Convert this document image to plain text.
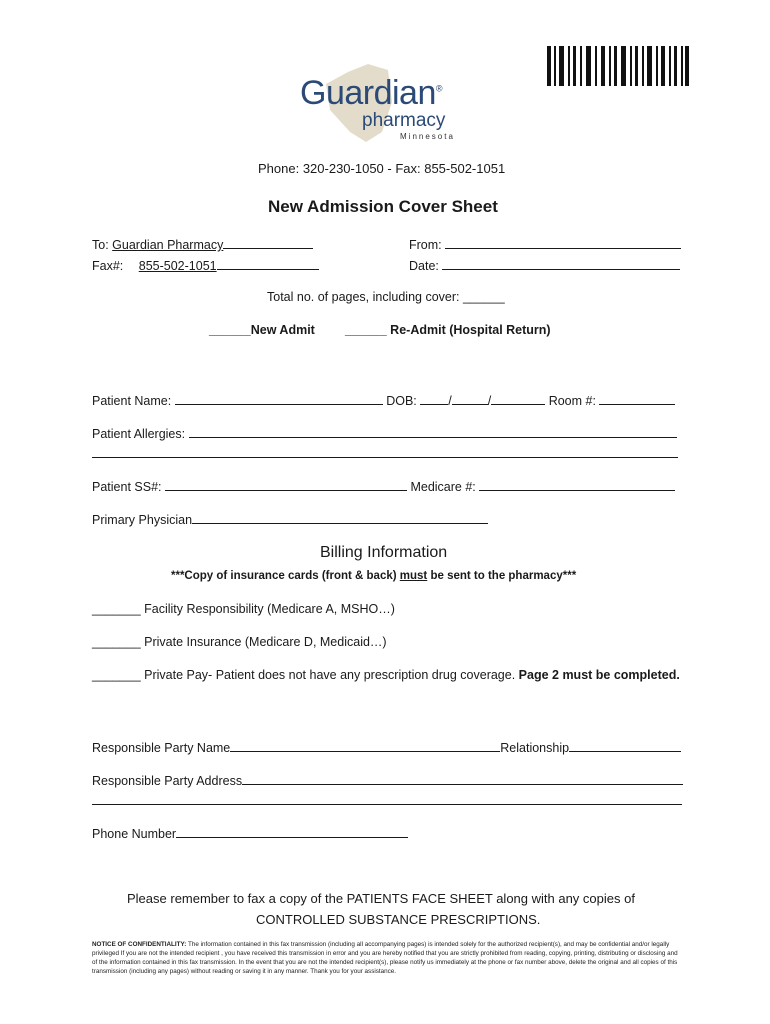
Guardian®
pharmacy
Minnesota
Phone: 320-230-1050 - Fax: 855-502-1051
New Admission Cover Sheet
To: Guardian Pharmacy
Fax#: 855-502-1051
From:
Date:
Total no. of pages, including cover: ______
______New Admit ______ Re-Admit (Hospital Return)
Patient Name:	DOB:	/	/	Room #:
Patient Allergies:
Patient SS#:	Medicare #:
Primary Physician
Billing Information
***Copy of insurance cards (front & back) must be sent to the pharmacy***
_______ Facility Responsibility (Medicare A, MSHO…)
_______ Private Insurance (Medicare D, Medicaid…)
_______ Private Pay- Patient does not have any prescription drug coverage. Page 2 must be completed.
Responsible Party Name	Relationship
Responsible Party Address
Phone Number
Please remember to fax a copy of the PATIENTS FACE SHEET along with any copies of
CONTROLLED SUBSTANCE PRESCRIPTIONS.
NOTICE OF CONFIDENTIALITY: The information contained in this fax transmission (including all accompanying pages) is intended solely for the authorized recipient(s), and may be confidential and/or legally privileged If you are not the intended recipient , you have received this transmission in error and you are hereby notified that you are strictly prohibited from reading, copying, printing, distributing or disclosing and of the information contained in this fax transmission. In the event that you are not the intended recipient(s), please notify us immediately at the phone or fax number above, delete the original and all copies of this transmission (including any pages) without reading or saving it in any manner. Thank you for your assistance.
